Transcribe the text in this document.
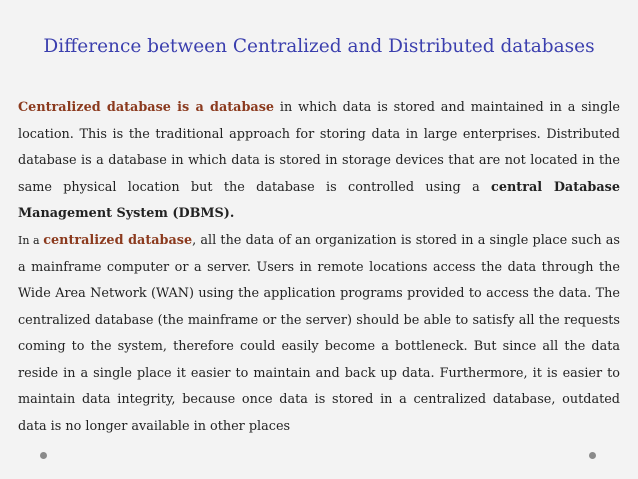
Difference between Centralized and Distributed databases
Centralized database is a database in which data is stored and maintained in a single location. This is the traditional approach for storing data in large enterprises. Distributed database is a database in which data is stored in storage devices that are not located in the same physical location but the database is controlled using a central Database Management System (DBMS).
In a centralized database, all the data of an organization is stored in a single place such as a mainframe computer or a server. Users in remote locations access the data through the Wide Area Network (WAN) using the application programs provided to access the data. The centralized database (the mainframe or the server) should be able to satisfy all the requests coming to the system, therefore could easily become a bottleneck. But since all the data reside in a single place it easier to maintain and back up data. Furthermore, it is easier to maintain data integrity, because once data is stored in a centralized database, outdated data is no longer available in other places
